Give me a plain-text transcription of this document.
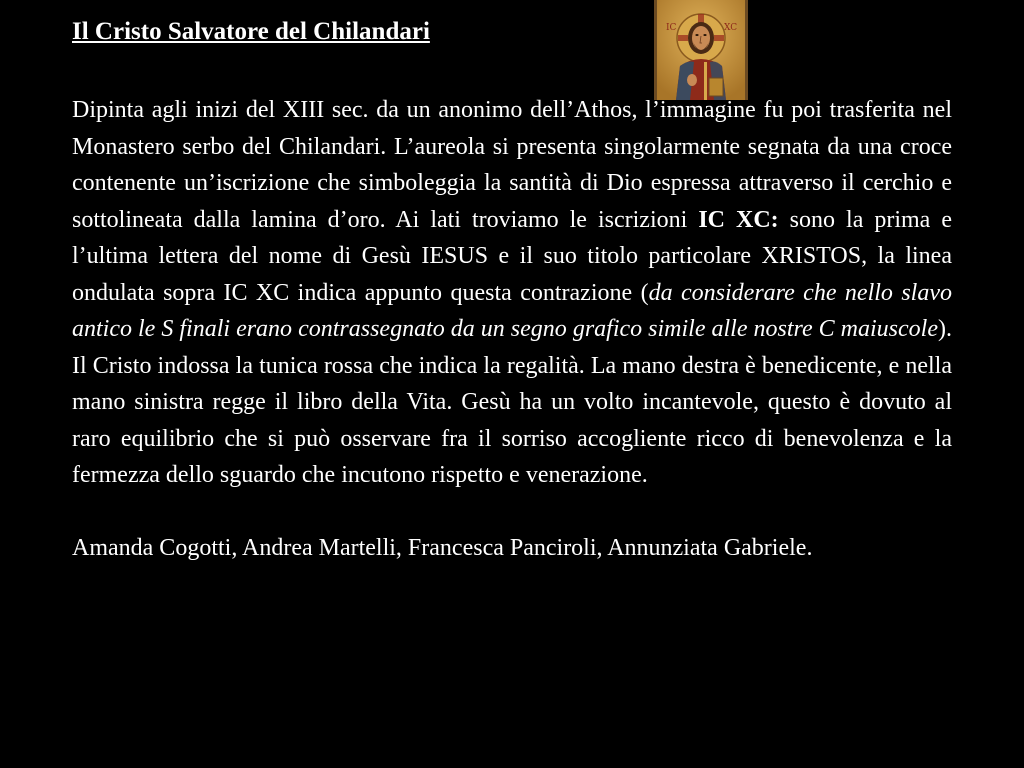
Il Cristo Salvatore del Chilandari	IC	XC

Dipinta agli inizi del XIII sec. da un anonimo dell’Athos, l’immagine fu poi trasferita nel Monastero serbo del Chilandari. L’aureola si presenta singolarmente segnata da una croce contenente un’iscrizione che simboleggia la santità di Dio espressa attraverso il cerchio e sottolineata dalla lamina d’oro. Ai lati troviamo le iscrizioni IC XC: sono la prima e l’ultima lettera del nome di Gesù IESUS e il suo titolo particolare XRISTOS, la linea ondulata sopra IC XC indica appunto questa contrazione (da considerare che nello slavo antico le S finali erano contrassegnato da un segno grafico simile alle nostre C maiuscole). Il Cristo indossa la tunica rossa che indica la regalità. La mano destra è benedicente, e nella mano sinistra regge il libro della Vita. Gesù ha un volto incantevole, questo è dovuto al raro equilibrio che si può osservare fra il sorriso accogliente ricco di benevolenza e la fermezza dello sguardo che incutono rispetto e venerazione.

Amanda Cogotti, Andrea Martelli, Francesca Panciroli, Annunziata Gabriele.
